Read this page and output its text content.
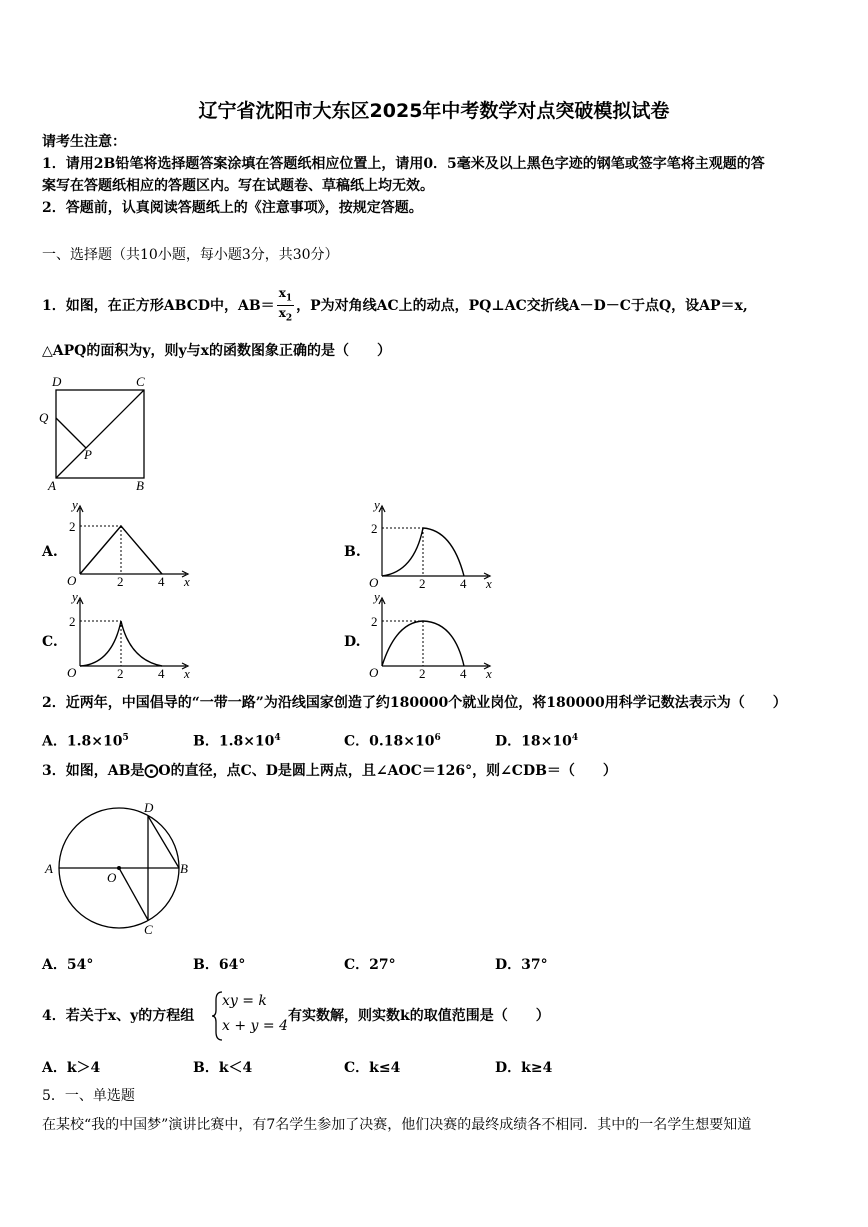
辽宁省沈阳市大东区2025年中考数学对点突破模拟试卷
请考生注意：
1．请用2B铅笔将选择题答案涂填在答题纸相应位置上，请用0．5毫米及以上黑色字迹的钢笔或签字笔将主观题的答
案写在答题纸相应的答题区内。写在试题卷、草稿纸上均无效。
2．答题前，认真阅读答题纸上的《注意事项》，按规定答题。
一、选择题（共10小题，每小题3分，共30分）
1．如图，在正方形ABCD中，$AB= \frac{x_1}{x_2}$ ，P为对角线AC上的动点，PQ⊥AC交折线A－D－C于点Q，设AP＝x,
△APQ的面积为y，则y与x的函数图象正确的是（　　）
D	C
Q
P
A	B
A.
y
2
O	2	4 x
B.
y
2
O	2	4 x
C.
y
2
O	2	4 x
D.
y
2
O	2	4 x
2．近两年，中国倡导的“一带一路”为沿线国家创造了约180000个就业岗位，将180000用科学记数法表示为（　　）
A．$1.8\times 10^5$	B．$1.8\times 10^4$	C．$0.18\times 10^6$	D．$18\times 10^4$
3．如图，AB是⨀O的直径，点C、D是圆上两点，且∠AOC＝126°，则∠CDB＝（　　）
A	B
D
C
O
A．54°	B．64°	C．27°	D．37°
4．若关于x、y的方程组
xy = k
x + y = 4
有实数解，则实数k的取值范围是（　　）
A．k＞4	B．k＜4	C．k≤4	D．k≥4
5．一、单选题
在某校“我的中国梦”演讲比赛中，有7名学生参加了决赛，他们决赛的最终成绩各不相同．其中的一名学生想要知道
